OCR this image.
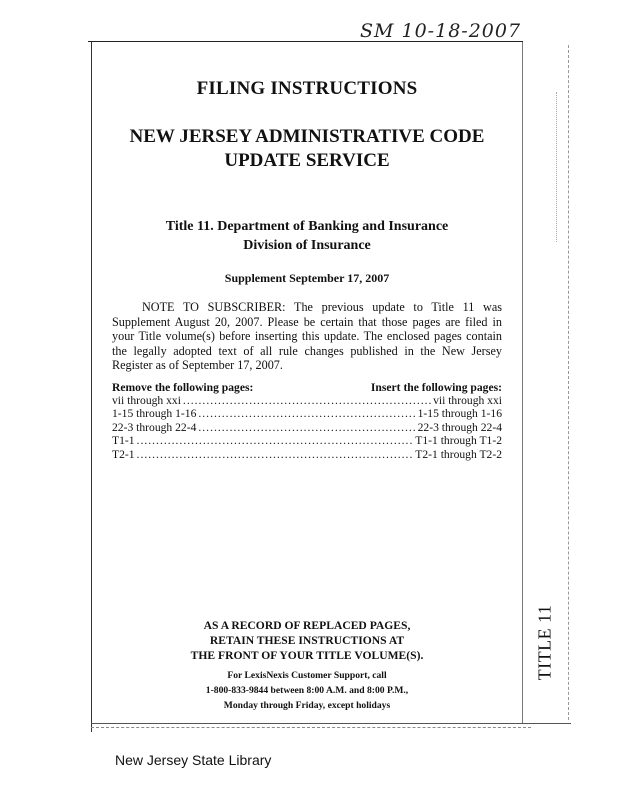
SM 10-18-2007
FILING INSTRUCTIONS
NEW JERSEY ADMINISTRATIVE CODE
UPDATE SERVICE
Title 11. Department of Banking and Insurance
Division of Insurance
Supplement September 17, 2007

NOTE TO SUBSCRIBER: The previous update to Title 11 was Supplement August 20, 2007. Please be certain that those pages are filed in your Title volume(s) before inserting this update. The enclosed pages contain the legally adopted text of all rule changes published in the New Jersey Register as of September 17, 2007.

Remove the following pages:	Insert the following pages:
vii through xxi .....	vii through xxi
1-15 through 1-16 .....	1-15 through 1-16
22-3 through 22-4 .....	22-3 through 22-4
T1-1 .....	T1-1 through T1-2
T2-1 .....	T2-1 through T2-2

AS A RECORD OF REPLACED PAGES,
RETAIN THESE INSTRUCTIONS AT
THE FRONT OF YOUR TITLE VOLUME(S).

For LexisNexis Customer Support, call
1-800-833-9844 between 8:00 A.M. and 8:00 P.M.,
Monday through Friday, except holidays

TITLE 11
New Jersey State Library
